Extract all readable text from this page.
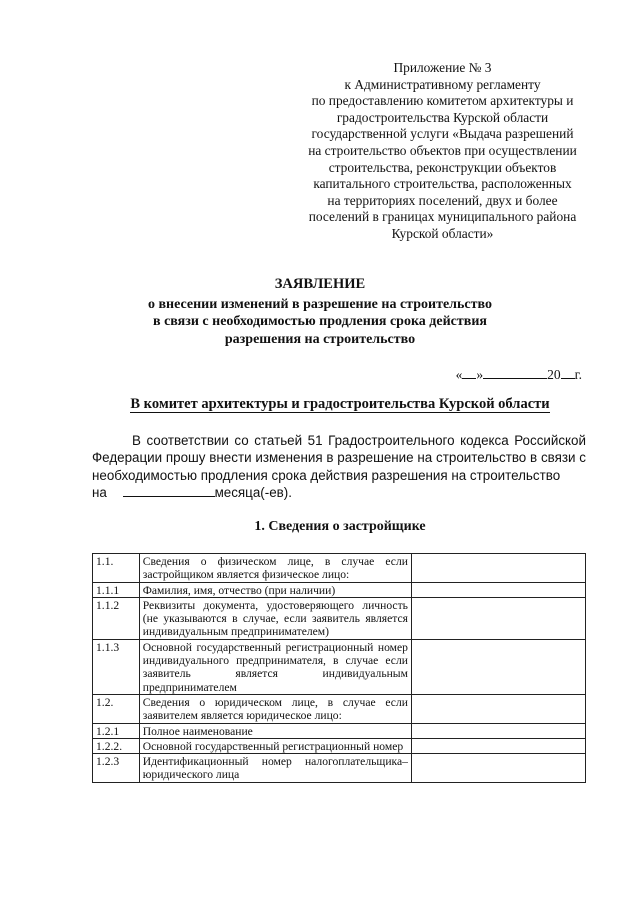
Приложение № 3
к Административному регламенту
по предоставлению комитетом архитектуры и
градостроительства Курской области
государственной услуги «Выдача разрешений
на строительство объектов при осуществлении
строительства, реконструкции объектов
капитального строительства, расположенных
на территориях поселений, двух и более
поселений в границах муниципального района
Курской области»
ЗАЯВЛЕНИЕ
о внесении изменений в разрешение на строительство
в связи с необходимостью продления срока действия
разрешения на строительство
« »	20 г.
В комитет архитектуры и градостроительства Курской области
В соответствии со статьей 51 Градостроительного кодекса Российской Федерации прошу внести изменения в разрешение на строительство в связи с необходимостью продления срока действия разрешения на строительство
на	месяца(-ев).
1. Сведения о застройщике
1.1.	Сведения о физическом лице, в случае если застройщиком является физическое лицо:	
1.1.1	Фамилия, имя, отчество (при наличии)	
1.1.2	Реквизиты документа, удостоверяющего личность (не указываются в случае, если заявитель является индивидуальным предпринимателем)	
1.1.3	Основной государственный регистрационный номер индивидуального предпринимателя, в случае если заявитель является индивидуальным предпринимателем	
1.2.	Сведения о юридическом лице, в случае если заявителем является юридическое лицо:	
1.2.1	Полное наименование	
1.2.2.	Основной государственный регистрационный номер	
1.2.3	Идентификационный номер налогоплательщика– юридического лица	
